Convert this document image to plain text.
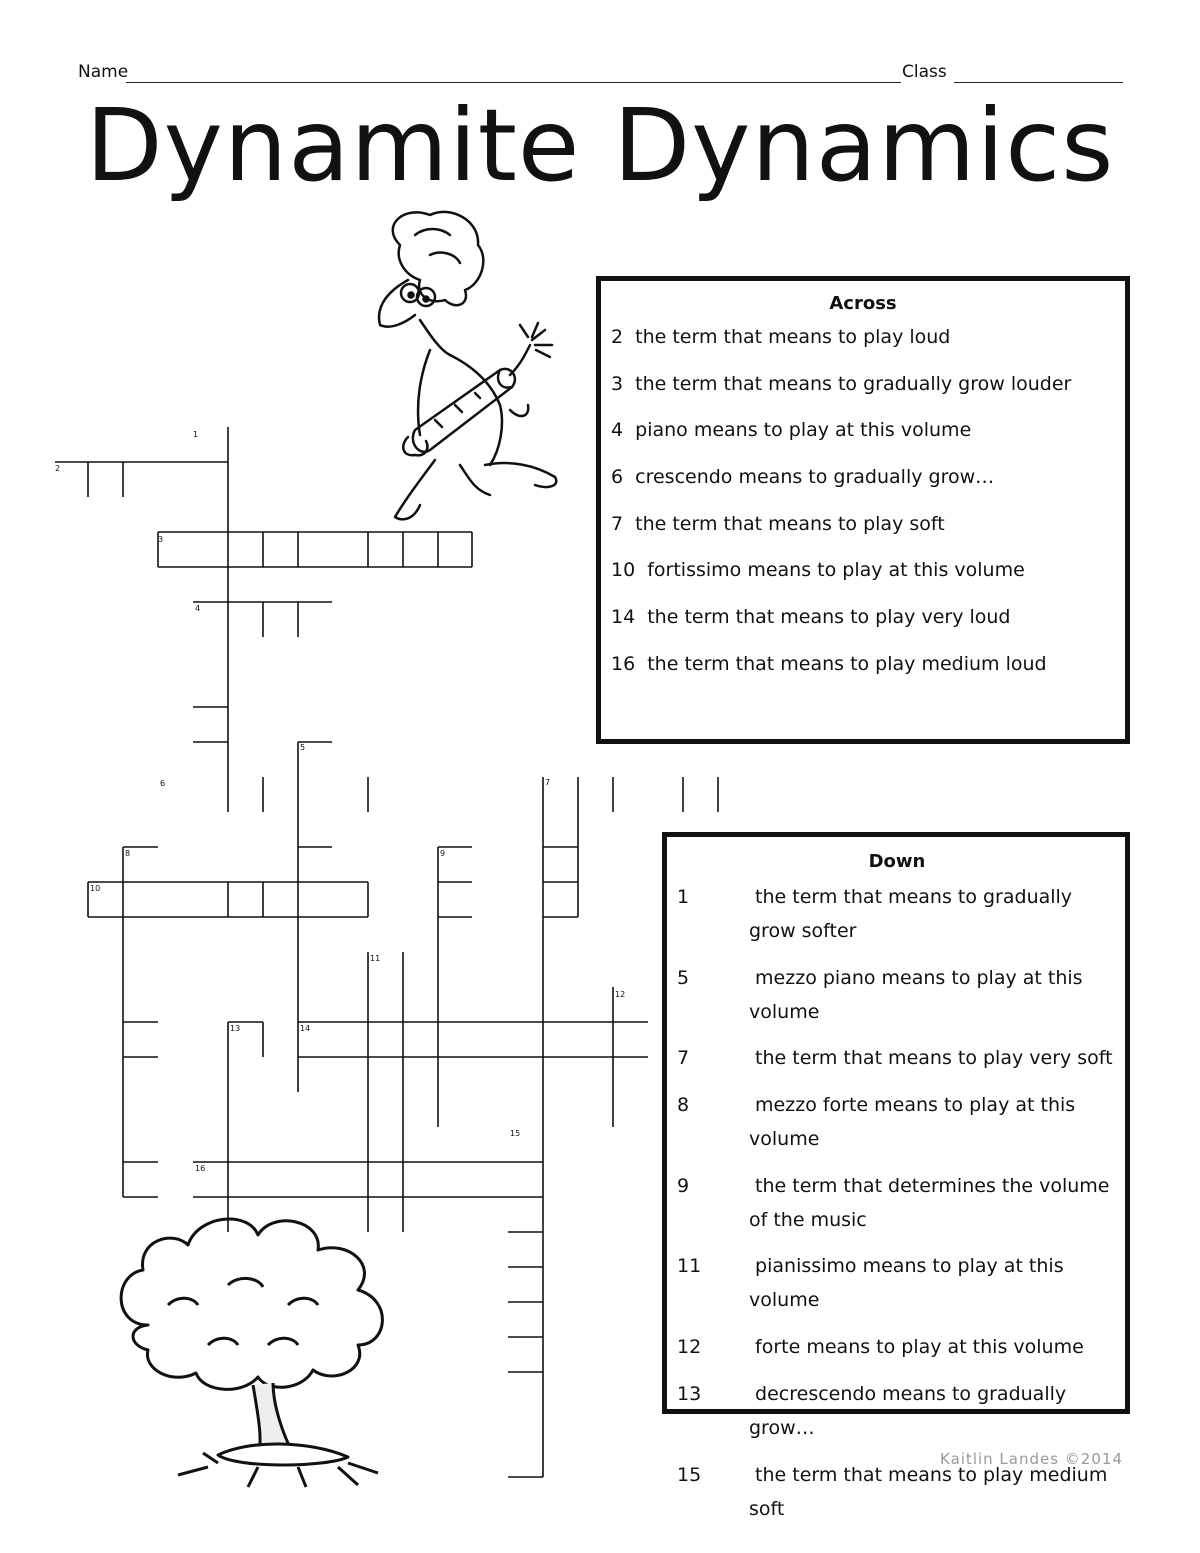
Name	Class
Dynamite Dynamics
1
2
3
4
5
6	7
8	9
10
11
12
13	14
15
16
Across
2 the term that means to play loud
3 the term that means to gradually grow louder
4 piano means to play at this volume
6 crescendo means to gradually grow…
7 the term that means to play soft
10 fortissimo means to play at this volume
14 the term that means to play very loud
16 the term that means to play medium loud
Down
1	the term that means to gradually grow softer
5	mezzo piano means to play at this volume
7	the term that means to play very soft
8	mezzo forte means to play at this volume
9	the term that determines the volume of the music
11	pianissimo means to play at this volume
12	forte means to play at this volume
13	decrescendo means to gradually grow…
15	the term that means to play medium soft
Kaitlin Landes ©2014
